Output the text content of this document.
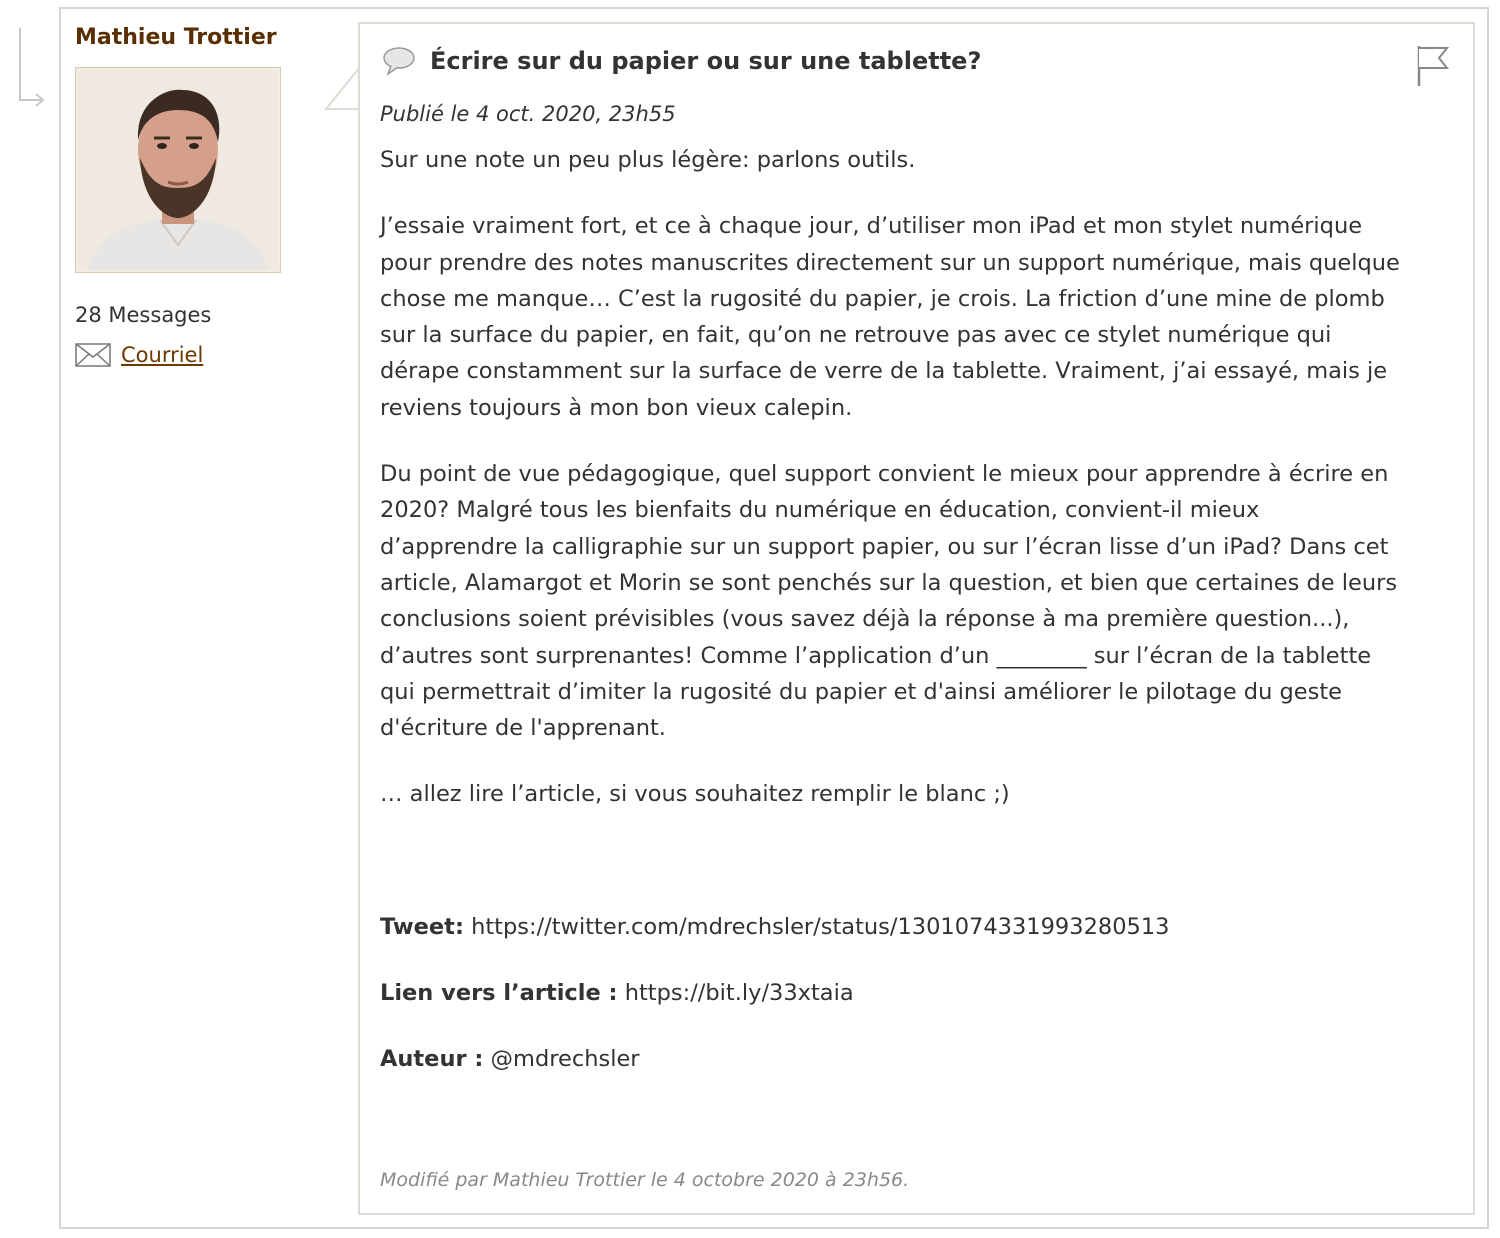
Mathieu Trottier
28 Messages
Courriel
Écrire sur du papier ou sur une tablette?
Publié le 4 oct. 2020, 23h55

Sur une note un peu plus légère: parlons outils.

J’essaie vraiment fort, et ce à chaque jour, d’utiliser mon iPad et mon stylet numérique pour prendre des notes manuscrites directement sur un support numérique, mais quelque chose me manque… C’est la rugosité du papier, je crois. La friction d’une mine de plomb sur la surface du papier, en fait, qu’on ne retrouve pas avec ce stylet numérique qui dérape constamment sur la surface de verre de la tablette. Vraiment, j’ai essayé, mais je reviens toujours à mon bon vieux calepin.

Du point de vue pédagogique, quel support convient le mieux pour apprendre à écrire en 2020? Malgré tous les bienfaits du numérique en éducation, convient-il mieux d’apprendre la calligraphie sur un support papier, ou sur l’écran lisse d’un iPad? Dans cet article, Alamargot et Morin se sont penchés sur la question, et bien que certaines de leurs conclusions soient prévisibles (vous savez déjà la réponse à ma première question...), d’autres sont surprenantes! Comme l’application d’un ________ sur l’écran de la tablette qui permettrait d’imiter la rugosité du papier et d'ainsi améliorer le pilotage du geste d'écriture de l'apprenant.

… allez lire l’article, si vous souhaitez remplir le blanc ;)

Tweet: https://twitter.com/mdrechsler/status/1301074331993280513

Lien vers l’article : https://bit.ly/33xtaia

Auteur : @mdrechsler

Modifié par Mathieu Trottier le 4 octobre 2020 à 23h56.
